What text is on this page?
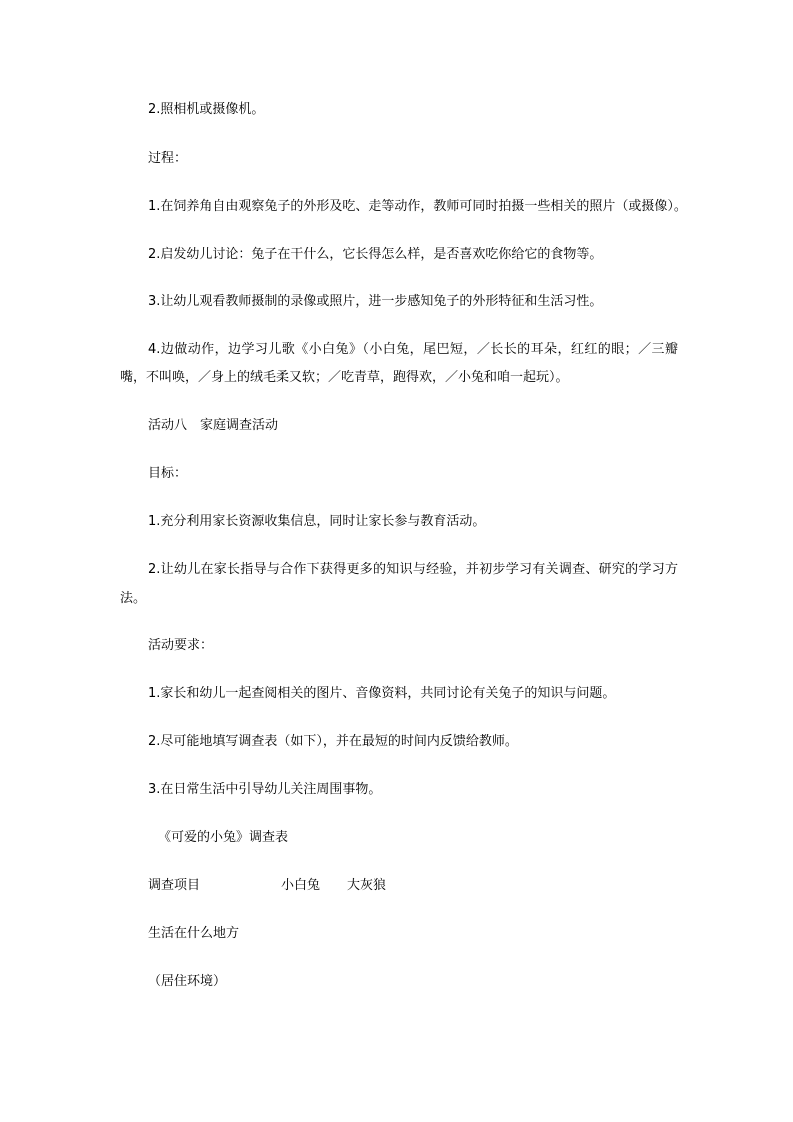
2.照相机或摄像机。
过程：
1.在饲养角自由观察兔子的外形及吃、走等动作，教师可同时拍摄一些相关的照片（或摄像）。
2.启发幼儿讨论：兔子在干什么，它长得怎么样，是否喜欢吃你给它的食物等。
3.让幼儿观看教师摄制的录像或照片，进一步感知兔子的外形特征和生活习性。
4.边做动作，边学习儿歌《小白兔》（小白兔，尾巴短，／长长的耳朵，红红的眼；／三瓣
嘴，不叫唤，／身上的绒毛柔又软；／吃青草，跑得欢，／小兔和咱一起玩）。
活动八　家庭调查活动
目标：
1.充分利用家长资源收集信息，同时让家长参与教育活动。
2.让幼儿在家长指导与合作下获得更多的知识与经验，并初步学习有关调查、研究的学习方
法。
活动要求：
1.家长和幼儿一起查阅相关的图片、音像资料，共同讨论有关兔子的知识与问题。
2.尽可能地填写调查表（如下），并在最短的时间内反馈给教师。
3.在日常生活中引导幼儿关注周围事物。
《可爱的小兔》调查表
调查项目	小白兔 大灰狼
生活在什么地方
（居住环境）
